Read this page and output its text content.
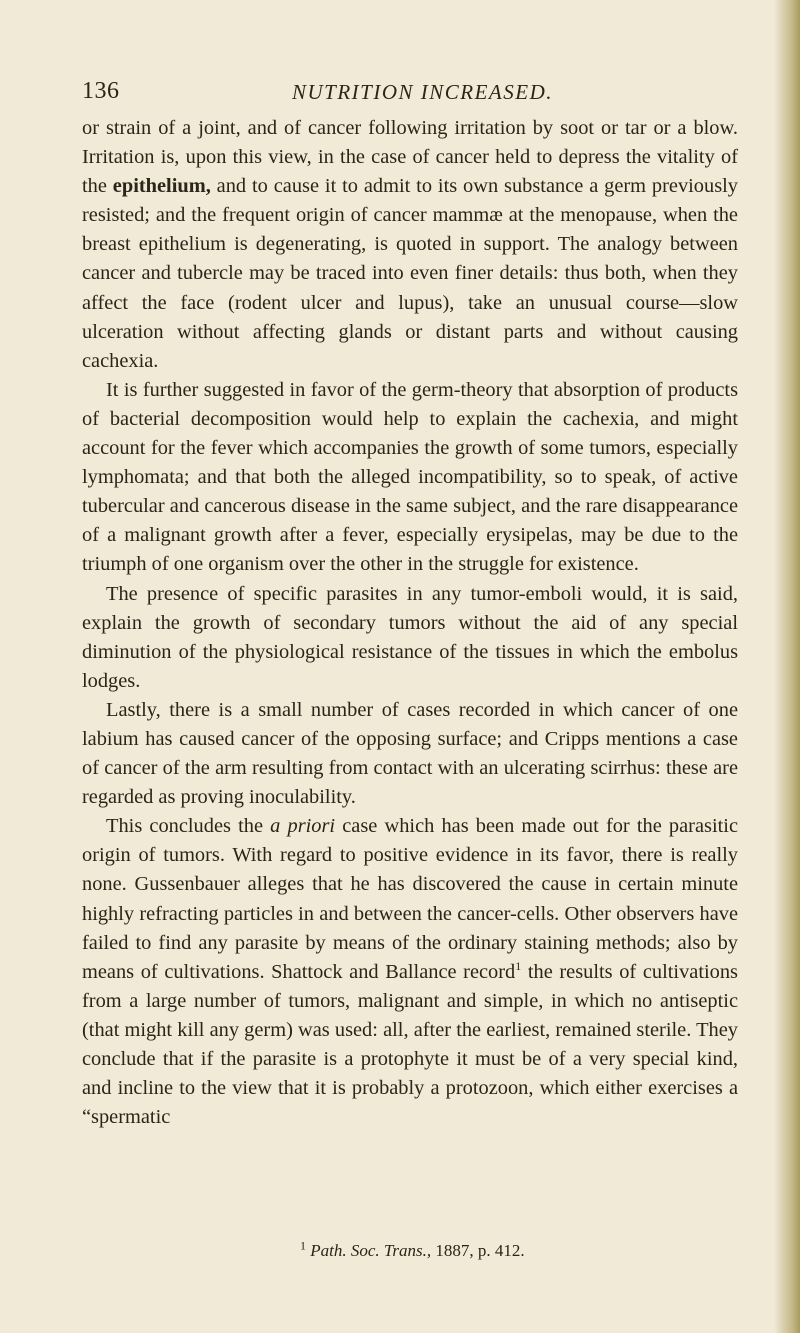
136	NUTRITION INCREASED.

or strain of a joint, and of cancer following irritation by soot or tar or a blow. Irritation is, upon this view, in the case of cancer held to depress the vitality of the epithelium, and to cause it to admit to its own substance a germ previously resisted; and the frequent origin of cancer mammæ at the menopause, when the breast epithelium is degenerating, is quoted in support. The analogy between cancer and tubercle may be traced into even finer details: thus both, when they affect the face (rodent ulcer and lupus), take an unusual course—slow ulceration without affecting glands or distant parts and without causing cachexia.

It is further suggested in favor of the germ-theory that absorption of products of bacterial decomposition would help to explain the cachexia, and might account for the fever which accompanies the growth of some tumors, especially lymphomata; and that both the alleged incompatibility, so to speak, of active tubercular and cancerous disease in the same subject, and the rare disappearance of a malignant growth after a fever, especially erysipelas, may be due to the triumph of one organism over the other in the struggle for existence.

The presence of specific parasites in any tumor-emboli would, it is said, explain the growth of secondary tumors without the aid of any special diminution of the physiological resistance of the tissues in which the embolus lodges.

Lastly, there is a small number of cases recorded in which cancer of one labium has caused cancer of the opposing surface; and Cripps mentions a case of cancer of the arm resulting from contact with an ulcerating scirrhus: these are regarded as proving inoculability.

This concludes the a priori case which has been made out for the parasitic origin of tumors. With regard to positive evidence in its favor, there is really none. Gussenbauer alleges that he has discovered the cause in certain minute highly refracting particles in and between the cancer-cells. Other observers have failed to find any parasite by means of the ordinary staining methods; also by means of cultivations. Shattock and Ballance record$^1$ the results of cultivations from a large number of tumors, malignant and simple, in which no antiseptic (that might kill any germ) was used: all, after the earliest, remained sterile. They conclude that if the parasite is a protophyte it must be of a very special kind, and incline to the view that it is probably a protozoon, which either exercises a “spermatic

$^1$ Path. Soc. Trans., 1887, p. 412.
